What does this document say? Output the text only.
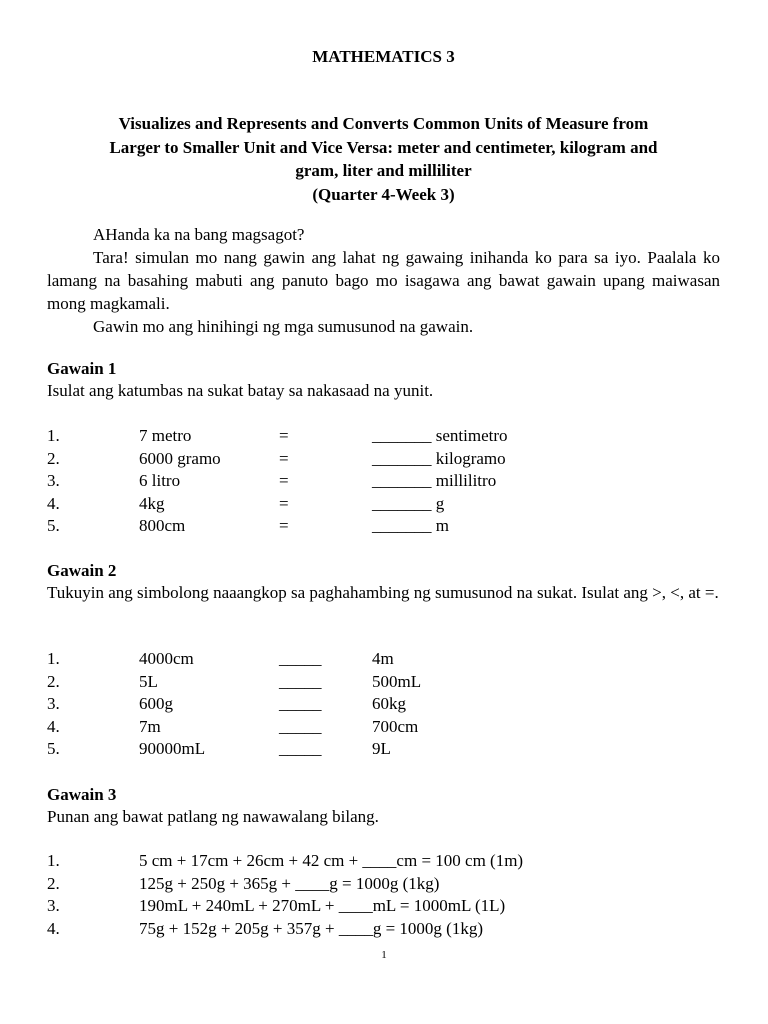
MATHEMATICS 3
Visualizes and Represents and Converts Common Units of Measure from
Larger to Smaller Unit and Vice Versa: meter and centimeter, kilogram and
gram, liter and milliliter
(Quarter 4-Week 3)

AHanda ka na bang magsagot?

Tara! simulan mo nang gawin ang lahat ng gawaing inihanda ko para sa iyo. Paalala ko lamang na basahing mabuti ang panuto bago mo isagawa ang bawat gawain upang maiwasan mong magkamali.

Gawin mo ang hinihingi ng mga sumusunod na gawain.

Gawain 1
Isulat ang katumbas na sukat batay sa nakasaad na yunit.
1.	7 metro	=	_______ sentimetro
2.	6000 gramo	=	_______ kilogramo
3.	6 litro	=	_______ millilitro
4.	4kg	=	_______ g
5.	800cm	=	_______ m
Gawain 2
Tukuyin ang simbolong naaangkop sa paghahambing ng sumusunod na sukat. Isulat ang >, <, at =.
1.	4000cm	_____	4m
2.	5L	_____	500mL
3.	600g	_____	60kg
4.	7m	_____	700cm
5.	90000mL	_____	9L
Gawain 3
Punan ang bawat patlang ng nawawalang bilang.
1.	5 cm + 17cm + 26cm + 42 cm + ____cm = 100 cm (1m)
2.	125g + 250g + 365g + ____g = 1000g (1kg)
3.	190mL + 240mL + 270mL + ____mL = 1000mL (1L)
4.	75g + 152g + 205g + 357g + ____g = 1000g (1kg)
1
